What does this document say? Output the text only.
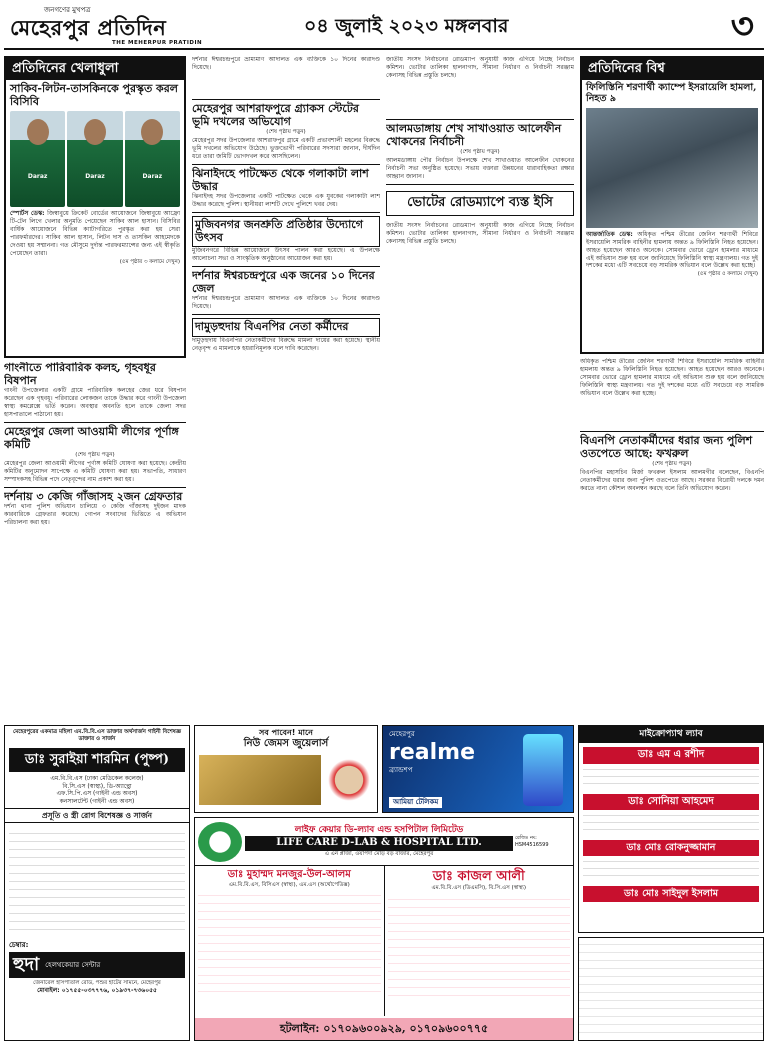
জনগণের মুখপত্র
মেহেরপুর প্রতিদিন
THE MEHERPUR PRATIDIN
০৪ জুলাই ২০২৩ মঙ্গলবার	৩
প্রতিদিনের খেলাধুলা
সাকিব-লিটন-তাসকিনকে পুরস্কৃত করল বিসিবি
Daraz
Daraz
Daraz
স্পোর্টস ডেস্ক: জিম্বাবুয়ে ক্রিকেট বোর্ডের আয়োজনে জিম্বাবুয়ে আফ্রো টি-টেন লিগে খেলার অনুমতি পেয়েছেন সাকিব আল হাসান। বিসিবির বার্ষিক আয়োজনে বিভিন্ন ক্যাটাগরিতে পুরস্কৃত করা হয় সেরা পারফর্মারদের। সাকিব আল হাসান, লিটন দাস ও তাসকিন আহমেদকে দেওয়া হয় সম্মাননা। গত মৌসুমে দুর্দান্ত পারফরম্যান্সের জন্য এই স্বীকৃতি পেয়েছেন তারা।
(৫ম পৃষ্ঠার ৩ কলামে দেখুন)
গাংনীতে পারিবারিক কলহ, গৃহবধূর বিষপান
গাংনী উপজেলার একটি গ্রামে পারিবারিক কলহের জের ধরে বিষপান করেছেন এক গৃহবধূ। পরিবারের লোকজন তাকে উদ্ধার করে গাংনী উপজেলা স্বাস্থ্য কমপ্লেক্সে ভর্তি করেন। অবস্থার অবনতি হলে তাকে জেলা সদর হাসপাতালে পাঠানো হয়।
মেহেরপুর জেলা আওয়ামী লীগের পূর্ণাঙ্গ কমিটি
(শেষ পৃষ্ঠায় পড়ুন)
মেহেরপুর জেলা আওয়ামী লীগের পূর্ণাঙ্গ কমিটি ঘোষণা করা হয়েছে। কেন্দ্রীয় কমিটির অনুমোদন সাপেক্ষে এ কমিটি ঘোষণা করা হয়। সভাপতি, সাধারণ সম্পাদকসহ বিভিন্ন পদে নেতৃবৃন্দের নাম প্রকাশ করা হয়।
দর্শনায় ৩ কেজি গাঁজাসহ ২জন গ্রেফতার
দর্শনা থানা পুলিশ অভিযান চালিয়ে ৩ কেজি গাঁজাসহ দুইজন মাদক কারবারিকে গ্রেফতার করেছে। গোপন সংবাদের ভিত্তিতে এ অভিযান পরিচালনা করা হয়।
দর্শনার ঈশ্বরচন্দ্রপুরে ভ্রাম্যমাণ আদালত এক ব্যক্তিকে ১০ দিনের কারাদণ্ড দিয়েছে।
মেহেরপুর আশরাফপুরে গ্র্যাকস স্টেটের ভূমি দখলের অভিযোগ
(শেষ পৃষ্ঠায় পড়ুন)
মেহেরপুর সদর উপজেলার আশরাফপুর গ্রামে একটি প্রভাবশালী মহলের বিরুদ্ধে ভূমি দখলের অভিযোগ উঠেছে। ভুক্তভোগী পরিবারের সদস্যরা জানান, দীর্ঘদিন ধরে তারা জমিটি ভোগদখল করে আসছিলেন।
ঝিনাইদহে পাটক্ষেত থেকে গলাকাটা লাশ উদ্ধার
ঝিনাইদহ সদর উপজেলার একটি পাটক্ষেত থেকে এক যুবকের গলাকাটা লাশ উদ্ধার করেছে পুলিশ। স্থানীয়রা লাশটি দেখে পুলিশে খবর দেয়।
মুজিবনগর জনশ্রুতি প্রতিষ্ঠার উদ্যোগে উৎসব
মুজিবনগরে বিভিন্ন আয়োজনে উৎসব পালন করা হয়েছে। এ উপলক্ষে আলোচনা সভা ও সাংস্কৃতিক অনুষ্ঠানের আয়োজন করা হয়।
দর্শনার ঈশ্বরচন্দ্রপুরে এক জনের ১০ দিনের জেল
দর্শনার ঈশ্বরচন্দ্রপুরে ভ্রাম্যমাণ আদালত এক ব্যক্তিকে ১০ দিনের কারাদণ্ড দিয়েছে।
দামুড়হুদায় বিএনপির নেতা কর্মীদের
দামুড়হুদায় বিএনপির নেতাকর্মীদের বিরুদ্ধে মামলা দায়ের করা হয়েছে। স্থানীয় নেতৃবৃন্দ এ মামলাকে হয়রানিমূলক বলে দাবি করেছেন।
জাতীয় সংসদ নির্বাচনের রোডম্যাপ অনুযায়ী কাজ এগিয়ে নিচ্ছে নির্বাচন কমিশন। ভোটার তালিকা হালনাগাদ, সীমানা নির্ধারণ ও নির্বাচনী সরঞ্জাম কেনাসহ বিভিন্ন প্রস্তুতি চলছে।
আলমডাঙ্গায় শেখ সাখাওয়াত আলেফীন খোকনের নির্বাচনী
(শেষ পৃষ্ঠায় পড়ুন)
আলমডাঙ্গায় পৌর নির্বাচন উপলক্ষে শেখ সাখাওয়াত আলেফীন খোকনের নির্বাচনী সভা অনুষ্ঠিত হয়েছে। সভায় বক্তারা উন্নয়নের ধারাবাহিকতা রক্ষার আহ্বান জানান।
ভোটের রোডম্যাপে ব্যস্ত ইসি
জাতীয় সংসদ নির্বাচনের রোডম্যাপ অনুযায়ী কাজ এগিয়ে নিচ্ছে নির্বাচন কমিশন। ভোটার তালিকা হালনাগাদ, সীমানা নির্ধারণ ও নির্বাচনী সরঞ্জাম কেনাসহ বিভিন্ন প্রস্তুতি চলছে।
প্রতিদিনের বিশ্ব
ফিলিস্তিনি শরণার্থী ক্যাম্পে ইসরায়েলি হামলা, নিহত ৯
আন্তর্জাতিক ডেস্ক: অধিকৃত পশ্চিম তীরের জেনিন শরণার্থী শিবিরে ইসরায়েলি সামরিক বাহিনীর হামলায় অন্তত ৯ ফিলিস্তিনি নিহত হয়েছেন। আহত হয়েছেন আরও অনেকে। সোমবার ভোরে ড্রোন হামলার মাধ্যমে এই অভিযান শুরু হয় বলে জানিয়েছে ফিলিস্তিনি স্বাস্থ্য মন্ত্রণালয়। গত দুই দশকের মধ্যে এটি সবচেয়ে বড় সামরিক অভিযান বলে উল্লেখ করা হচ্ছে।
(৫ম পৃষ্ঠার ৫ কলামে দেখুন)
অধিকৃত পশ্চিম তীরের জেনিন শরণার্থী শিবিরে ইসরায়েলি সামরিক বাহিনীর হামলায় অন্তত ৯ ফিলিস্তিনি নিহত হয়েছেন। আহত হয়েছেন আরও অনেকে। সোমবার ভোরে ড্রোন হামলার মাধ্যমে এই অভিযান শুরু হয় বলে জানিয়েছে ফিলিস্তিনি স্বাস্থ্য মন্ত্রণালয়। গত দুই দশকের মধ্যে এটি সবচেয়ে বড় সামরিক অভিযান বলে উল্লেখ করা হচ্ছে।
বিএনপি নেতাকর্মীদের ধরার জন্য পুলিশ ওতপেতে আছে: ফখরুল
(শেষ পৃষ্ঠায় পড়ুন)
বিএনপির মহাসচিব মির্জা ফখরুল ইসলাম আলমগীর বলেছেন, বিএনপি নেতাকর্মীদের ধরার জন্য পুলিশ ওতপেতে আছে। সরকার বিরোধী দলকে দমন করতে নানা কৌশল অবলম্বন করছে বলে তিনি অভিযোগ করেন।
মেহেরপুরের একমাত্র মহিলা এম.বি.বি.এস ডাক্তার অর্থসার্জন গাইনী বিশেষজ্ঞ ডাক্তার ও সার্জন
ডাঃ সুরাইয়া শারমিন (পুষ্প)
এম.বি.বি.এস (ঢাকা মেডিকেল কলেজ)
বি.সি.এস (স্বাস্থ্য), ডি-অ্যান্থ্রো
এফ.সি.পি.এস (গাইনী এন্ড অবস)
কনসালটেন্ট (গাইনী এন্ড অবস)
প্রসূতি ও স্ত্রী রোগ বিশেষজ্ঞ ও সার্জন
চেম্বার:
হুদা হেলথকেয়ার সেন্টার
জেনারেল হাসপাতাল রোড, পশুর হাটের সামনে, মেহেরপুর
মোবাইল: ০১৭৫৫-০৩৭৭৭৬, ০১৯৩৭-৭৩৬০৫৫
সব পাবেন! মানে
নিউ জেমস জুয়েলার্স
মেহেরপুর
realme
ব্র্যান্ডশপ
আমিয়া টেলিকম
মাইক্রোপ্যাথ ল্যাব
ডাঃ এম এ রশীদ
ডাঃ সোনিয়া আহমেদ
ডাঃ মোঃ রোকনুজ্জামান
ডাঃ মোঃ সাইদুল ইসলাম
লাইফ কেয়ার ডি-ল্যাব এন্ড হসপিটাল লিমিটেড
LIFE CARE D-LAB & HOSPITAL LTD.
এ এন প্লাজা, ওয়াপদা মোড় বড় বাজার, মেহেরপুর
রেজিঃ নং: HSM4516599
ডাঃ মুহাম্মদ মনজুর-উল-আলম
এম.বি.বি.এস, বিসিএস (স্বাস্থ্য), এম.এস (অর্থোপেডিক্স)
ডাঃ কাজল আলী
এম.বি.বি.এস (ডিএমসি), বি.সি.এস (স্বাস্থ্য)
হটলাইন: ০১৭০৯৬০০৯২৯, ০১৭০৯৬০০৭৭৫
